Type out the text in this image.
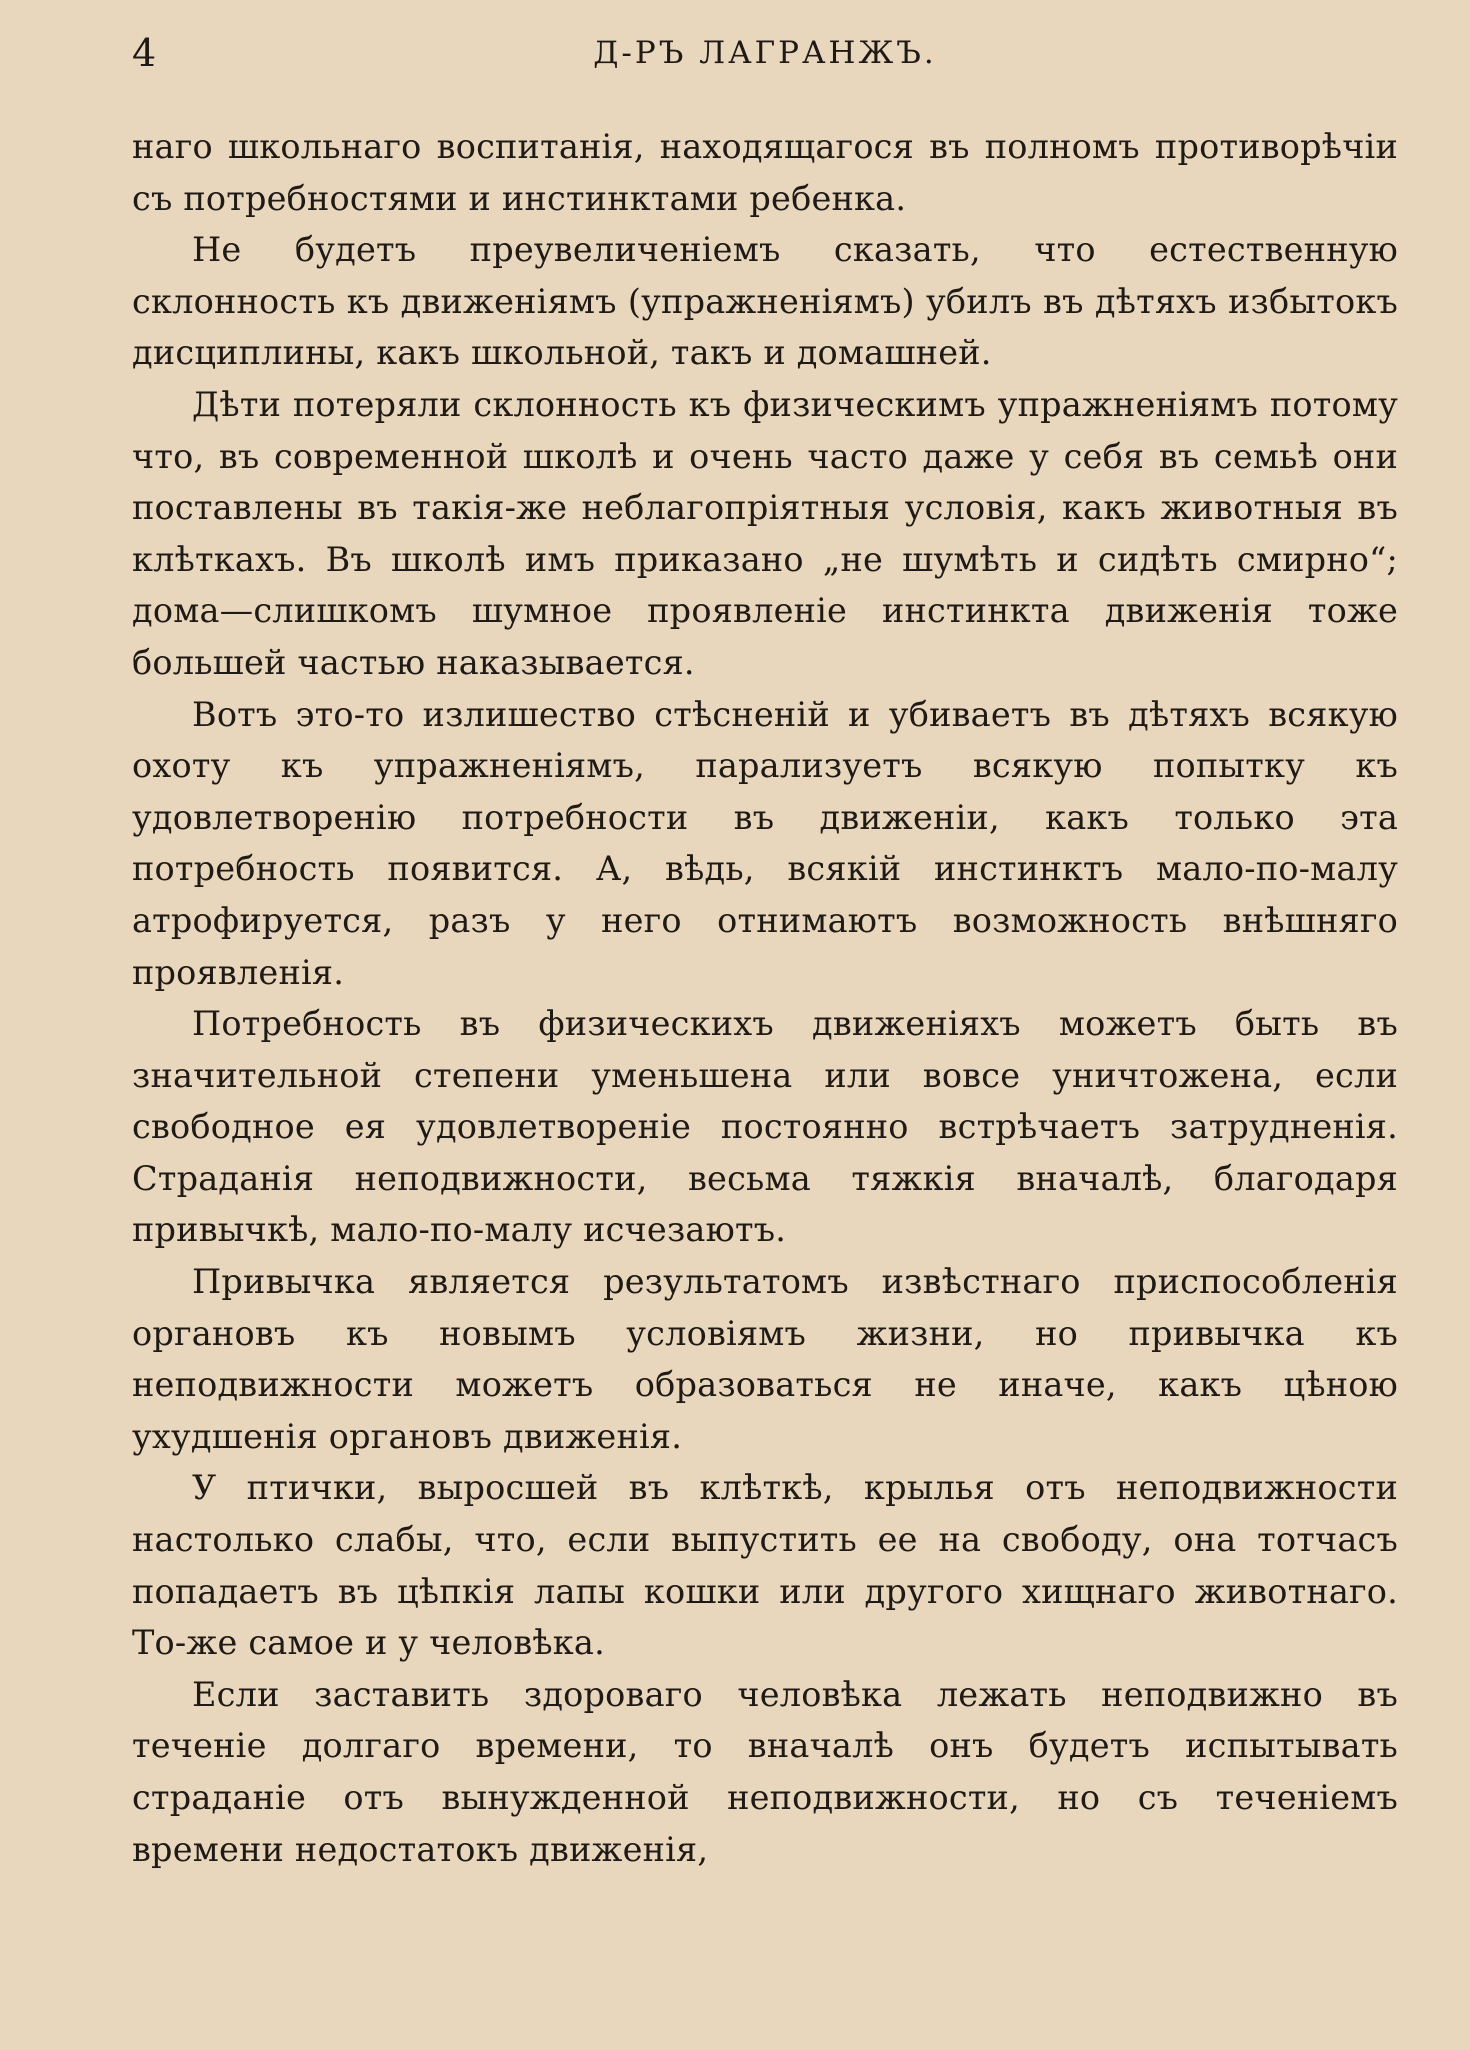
4	Д-РЪ ЛАГРАНЖЪ.

наго школьнаго воспитанія, находящагося въ полномъ противорѣчіи съ потребностями и инстинктами ребенка.

Не будетъ преувеличеніемъ сказать, что естественную склонность къ движеніямъ (упражненіямъ) убилъ въ дѣтяхъ избытокъ дисциплины, какъ школьной, такъ и домашней.

Дѣти потеряли склонность къ физическимъ упражненіямъ потому что, въ современной школѣ и очень часто даже у себя въ семьѣ они поставлены въ такія-же неблагопріятныя условія, какъ животныя въ клѣткахъ. Въ школѣ имъ приказано „не шумѣть и сидѣть смирно“; дома—слишкомъ шумное проявленіе инстинкта движенія тоже большей частью наказывается.

Вотъ это-то излишество стѣсненій и убиваетъ въ дѣтяхъ всякую охоту къ упражненіямъ, парализуетъ всякую попытку къ удовлетворенію потребности въ движеніи, какъ только эта потребность появится. А, вѣдь, всякій инстинктъ мало-по-малу атрофируется, разъ у него отнимаютъ возможность внѣшняго проявленія.

Потребность въ физическихъ движеніяхъ можетъ быть въ значительной степени уменьшена или вовсе уничтожена, если свободное ея удовлетвореніе постоянно встрѣчаетъ затрудненія. Страданія неподвижности, весьма тяжкія вначалѣ, благодаря привычкѣ, мало-по-малу исчезаютъ.

Привычка является результатомъ извѣстнаго приспособленія органовъ къ новымъ условіямъ жизни, но привычка къ неподвижности можетъ образоваться не иначе, какъ цѣною ухудшенія органовъ движенія.

У птички, выросшей въ клѣткѣ, крылья отъ неподвижности настолько слабы, что, если выпустить ее на свободу, она тотчасъ попадаетъ въ цѣпкія лапы кошки или другого хищнаго животнаго. То-же самое и у человѣка.

Если заставить здороваго человѣка лежать неподвижно въ теченіе долгаго времени, то вначалѣ онъ будетъ испытывать страданіе отъ вынужденной неподвижности, но съ теченіемъ времени недостатокъ движенія,
